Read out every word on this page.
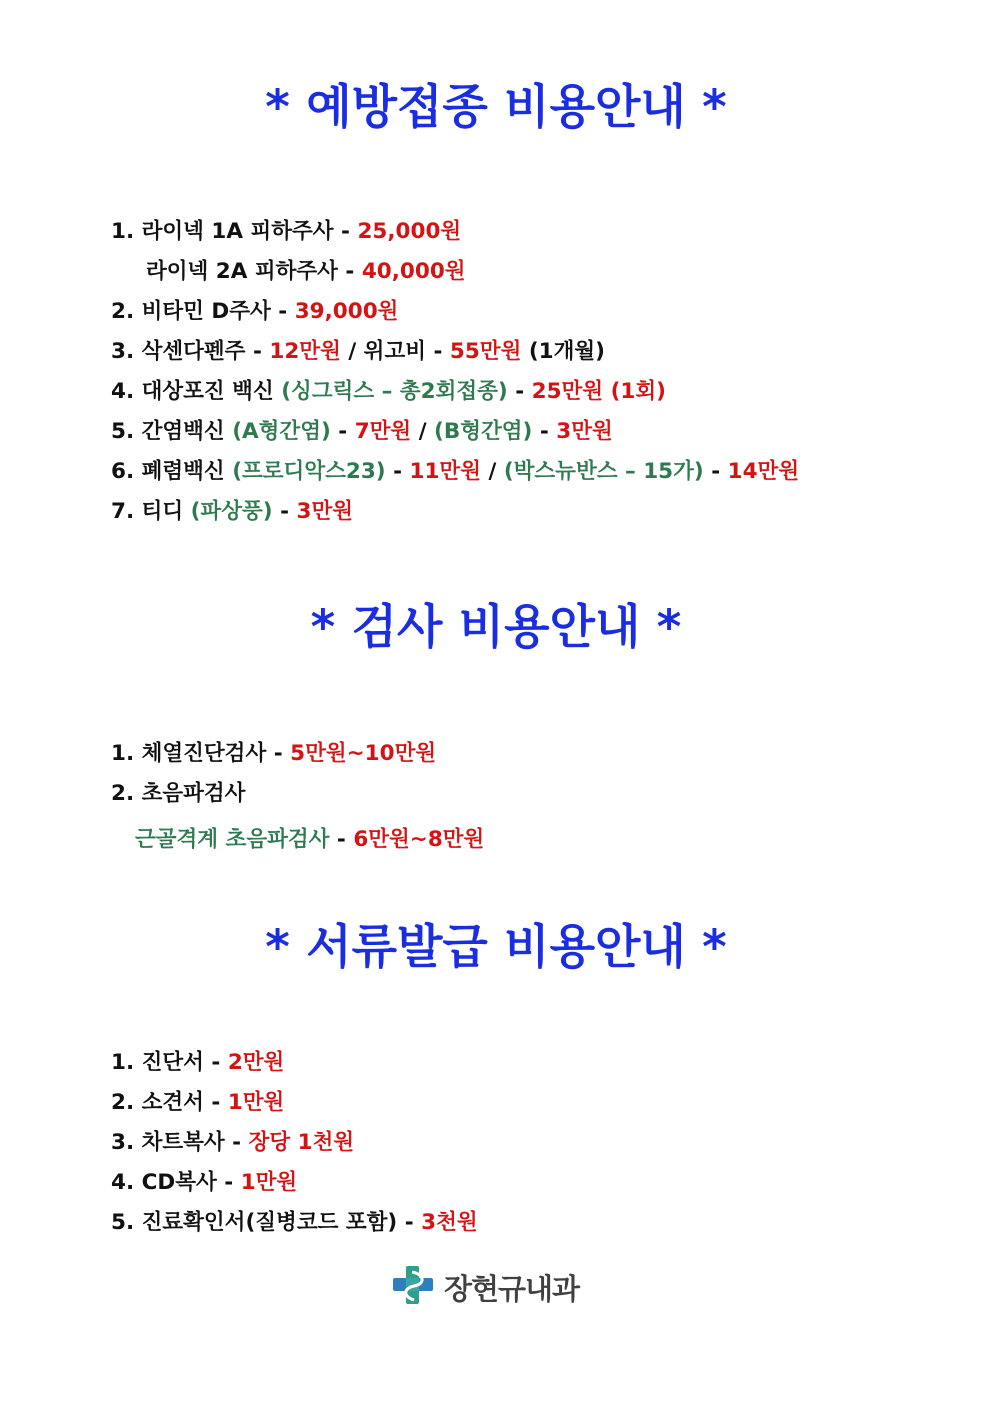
* 예방접종 비용안내 *

1. 라이넥 1A 피하주사 - 25,000원

라이넥 2A 피하주사 - 40,000원

2. 비타민 D주사 - 39,000원

3. 삭센다펜주 - 12만원 / 위고비 - 55만원 (1개월)

4. 대상포진 백신 (싱그릭스 – 총2회접종) - 25만원 (1회)

5. 간염백신 (A형간염) - 7만원 / (B형간염) - 3만원

6. 폐렴백신 (프로디악스23) - 11만원 / (박스뉴반스 – 15가) - 14만원

7. 티디 (파상풍) - 3만원

* 검사 비용안내 *

1. 체열진단검사 - 5만원~10만원

2. 초음파검사

근골격계 초음파검사 - 6만원~8만원

* 서류발급 비용안내 *

1. 진단서 - 2만원

2. 소견서 - 1만원

3. 차트복사 - 장당 1천원

4. CD복사 - 1만원

5. 진료확인서(질병코드 포함) - 3천원

장현규내과
